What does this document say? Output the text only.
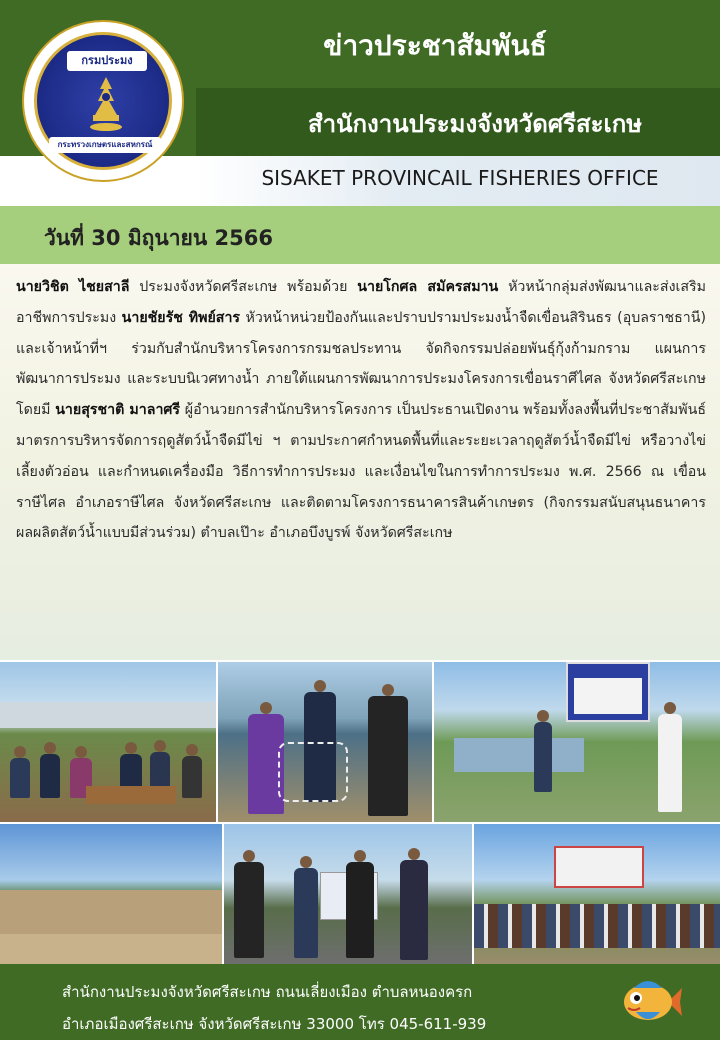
ข่าวประชาสัมพันธ์
สำนักงานประมงจังหวัดศรีสะเกษ
SISAKET PROVINCAIL FISHERIES OFFICE
กรมประมง
กระทรวงเกษตรและสหกรณ์
วันที่ 30 มิถุนายน 2566
นายวิชิต ไชยสาลี ประมงจังหวัดศรีสะเกษ พร้อมด้วย นายโกศล สมัครสมาน หัวหน้ากลุ่มส่งพัฒนาและส่งเสริมอาชีพการประมง นายชัยรัช ทิพย์สาร หัวหน้าหน่วยป้องกันและปราบปรามประมงน้ำจืดเขื่อนสิรินธร (อุบลราชธานี) และเจ้าหน้าที่ฯ ร่วมกับสำนักบริหารโครงการกรมชลประทาน จัดกิจกรรมปล่อยพันธุ์กุ้งก้ามกราม แผนการพัฒนาการประมง และระบบนิเวศทางน้ำ ภายใต้แผนการพัฒนาการประมงโครงการเขื่อนราศีไศล จังหวัดศรีสะเกษ โดยมี นายสุรชาติ มาลาศรี ผู้อำนวยการสำนักบริหารโครงการ เป็นประธานเปิดงาน พร้อมทั้งลงพื้นที่ประชาสัมพันธ์มาตรการบริหารจัดการฤดูสัตว์น้ำจืดมีไข่ ฯ ตามประกาศกำหนดพื้นที่และระยะเวลาฤดูสัตว์น้ำจืดมีไข่ หรือวางไข่ เลี้ยงตัวอ่อน และกำหนดเครื่องมือ วิธีการทำการประมง และเงื่อนไขในการทำการประมง พ.ศ. 2566 ณ เขื่อนราษีไศล อำเภอราษีไศล จังหวัดศรีสะเกษ และติดตามโครงการธนาคารสินค้าเกษตร (กิจกรรมสนับสนุนธนาคารผลผลิตสัตว์น้ำแบบมีส่วนร่วม) ตำบลเป๊าะ อำเภอบึงบูรพ์ จังหวัดศรีสะเกษ
สำนักงานประมงจังหวัดศรีสะเกษ ถนนเลี่ยงเมือง ตำบลหนองครก
อำเภอเมืองศรีสะเกษ จังหวัดศรีสะเกษ 33000 โทร 045-611-939
